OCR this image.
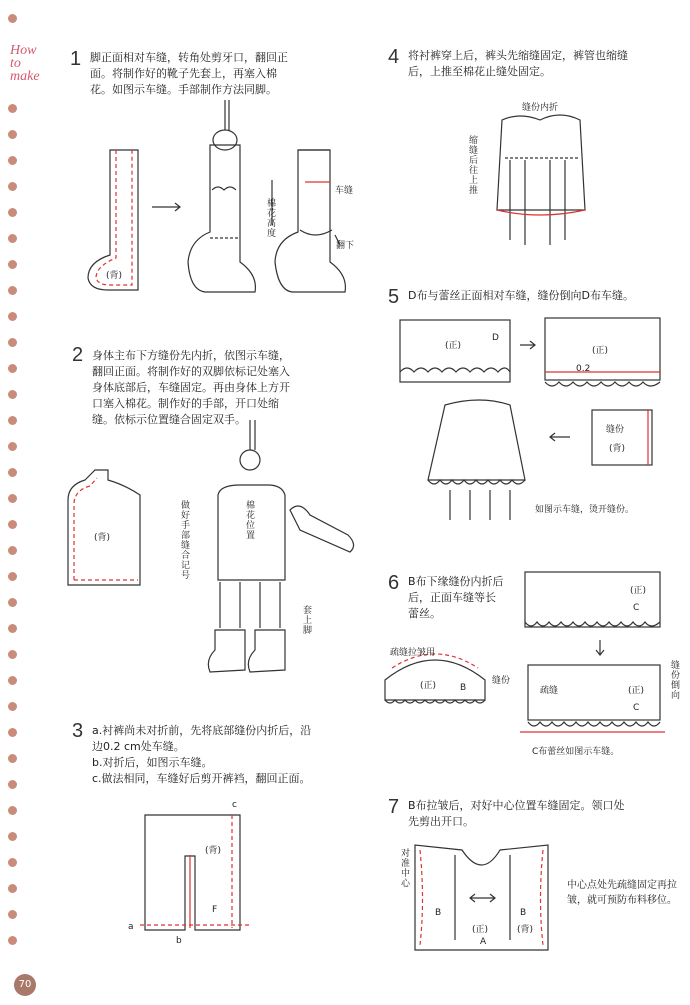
How
to
make
1 脚正面相对车缝，转角处剪牙口，翻回正
面。将制作好的靴子先套上，再塞入棉
花。如图示车缝。手部制作方法同脚。
(背)
车缝
棉花高度
翻下
2 身体主布下方缝份先内折，依图示车缝，
翻回正面。将制作好的双脚依标记处塞入
身体底部后，车缝固定。再由身体上方开
口塞入棉花。制作好的手部，开口处缩
缝。依标示位置缝合固定双手。
(背)	棉花位置
做好手部缝合记号
套上脚
3 a.衬裤尚未对折前，先将底部缝份内折后，沿
边0.2 cm处车缝。
b.对折后，如图示车缝。
c.做法相同，车缝好后剪开裤裆，翻回正面。
(背)
F
a
b
c
4 将衬裤穿上后，裤头先缩缝固定，裤管也缩缝
后，上推至棉花止缝处固定。
缝份内折
缩缝后往上推
5 D布与蕾丝正面相对车缝，缝份倒向D布车缝。
(正)
D
(正)
0.2
缝份
(背)
如图示车缝，烫开缝份。
6 B布下缘缝份内折后
后，正面车缝等长
蕾丝。
(正)
C
疏缝拉皱用
(正)	B
缝份
疏缝	(正)
C
缝份倒向
C布蕾丝如图示车缝。
7 B布拉皱后，对好中心位置车缝固定。领口处
先剪出开口。
对准中心
B	B
(背)
(正)
A
中心点处先疏缝固定再拉皱，就可预防布料移位。
70
